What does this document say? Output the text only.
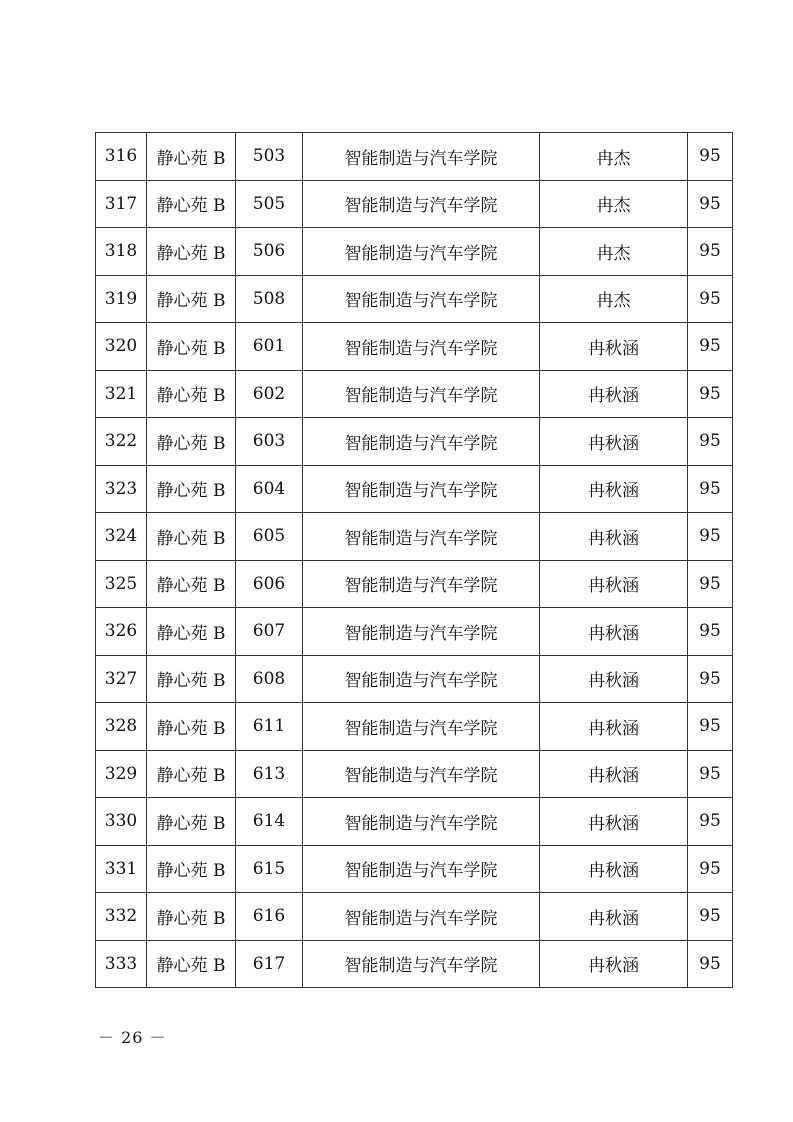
316	静心苑 B	503	智能制造与汽车学院	冉杰	95
317	静心苑 B	505	智能制造与汽车学院	冉杰	95
318	静心苑 B	506	智能制造与汽车学院	冉杰	95
319	静心苑 B	508	智能制造与汽车学院	冉杰	95
320	静心苑 B	601	智能制造与汽车学院	冉秋涵	95
321	静心苑 B	602	智能制造与汽车学院	冉秋涵	95
322	静心苑 B	603	智能制造与汽车学院	冉秋涵	95
323	静心苑 B	604	智能制造与汽车学院	冉秋涵	95
324	静心苑 B	605	智能制造与汽车学院	冉秋涵	95
325	静心苑 B	606	智能制造与汽车学院	冉秋涵	95
326	静心苑 B	607	智能制造与汽车学院	冉秋涵	95
327	静心苑 B	608	智能制造与汽车学院	冉秋涵	95
328	静心苑 B	611	智能制造与汽车学院	冉秋涵	95
329	静心苑 B	613	智能制造与汽车学院	冉秋涵	95
330	静心苑 B	614	智能制造与汽车学院	冉秋涵	95
331	静心苑 B	615	智能制造与汽车学院	冉秋涵	95
332	静心苑 B	616	智能制造与汽车学院	冉秋涵	95
333	静心苑 B	617	智能制造与汽车学院	冉秋涵	95
－ 26 －
